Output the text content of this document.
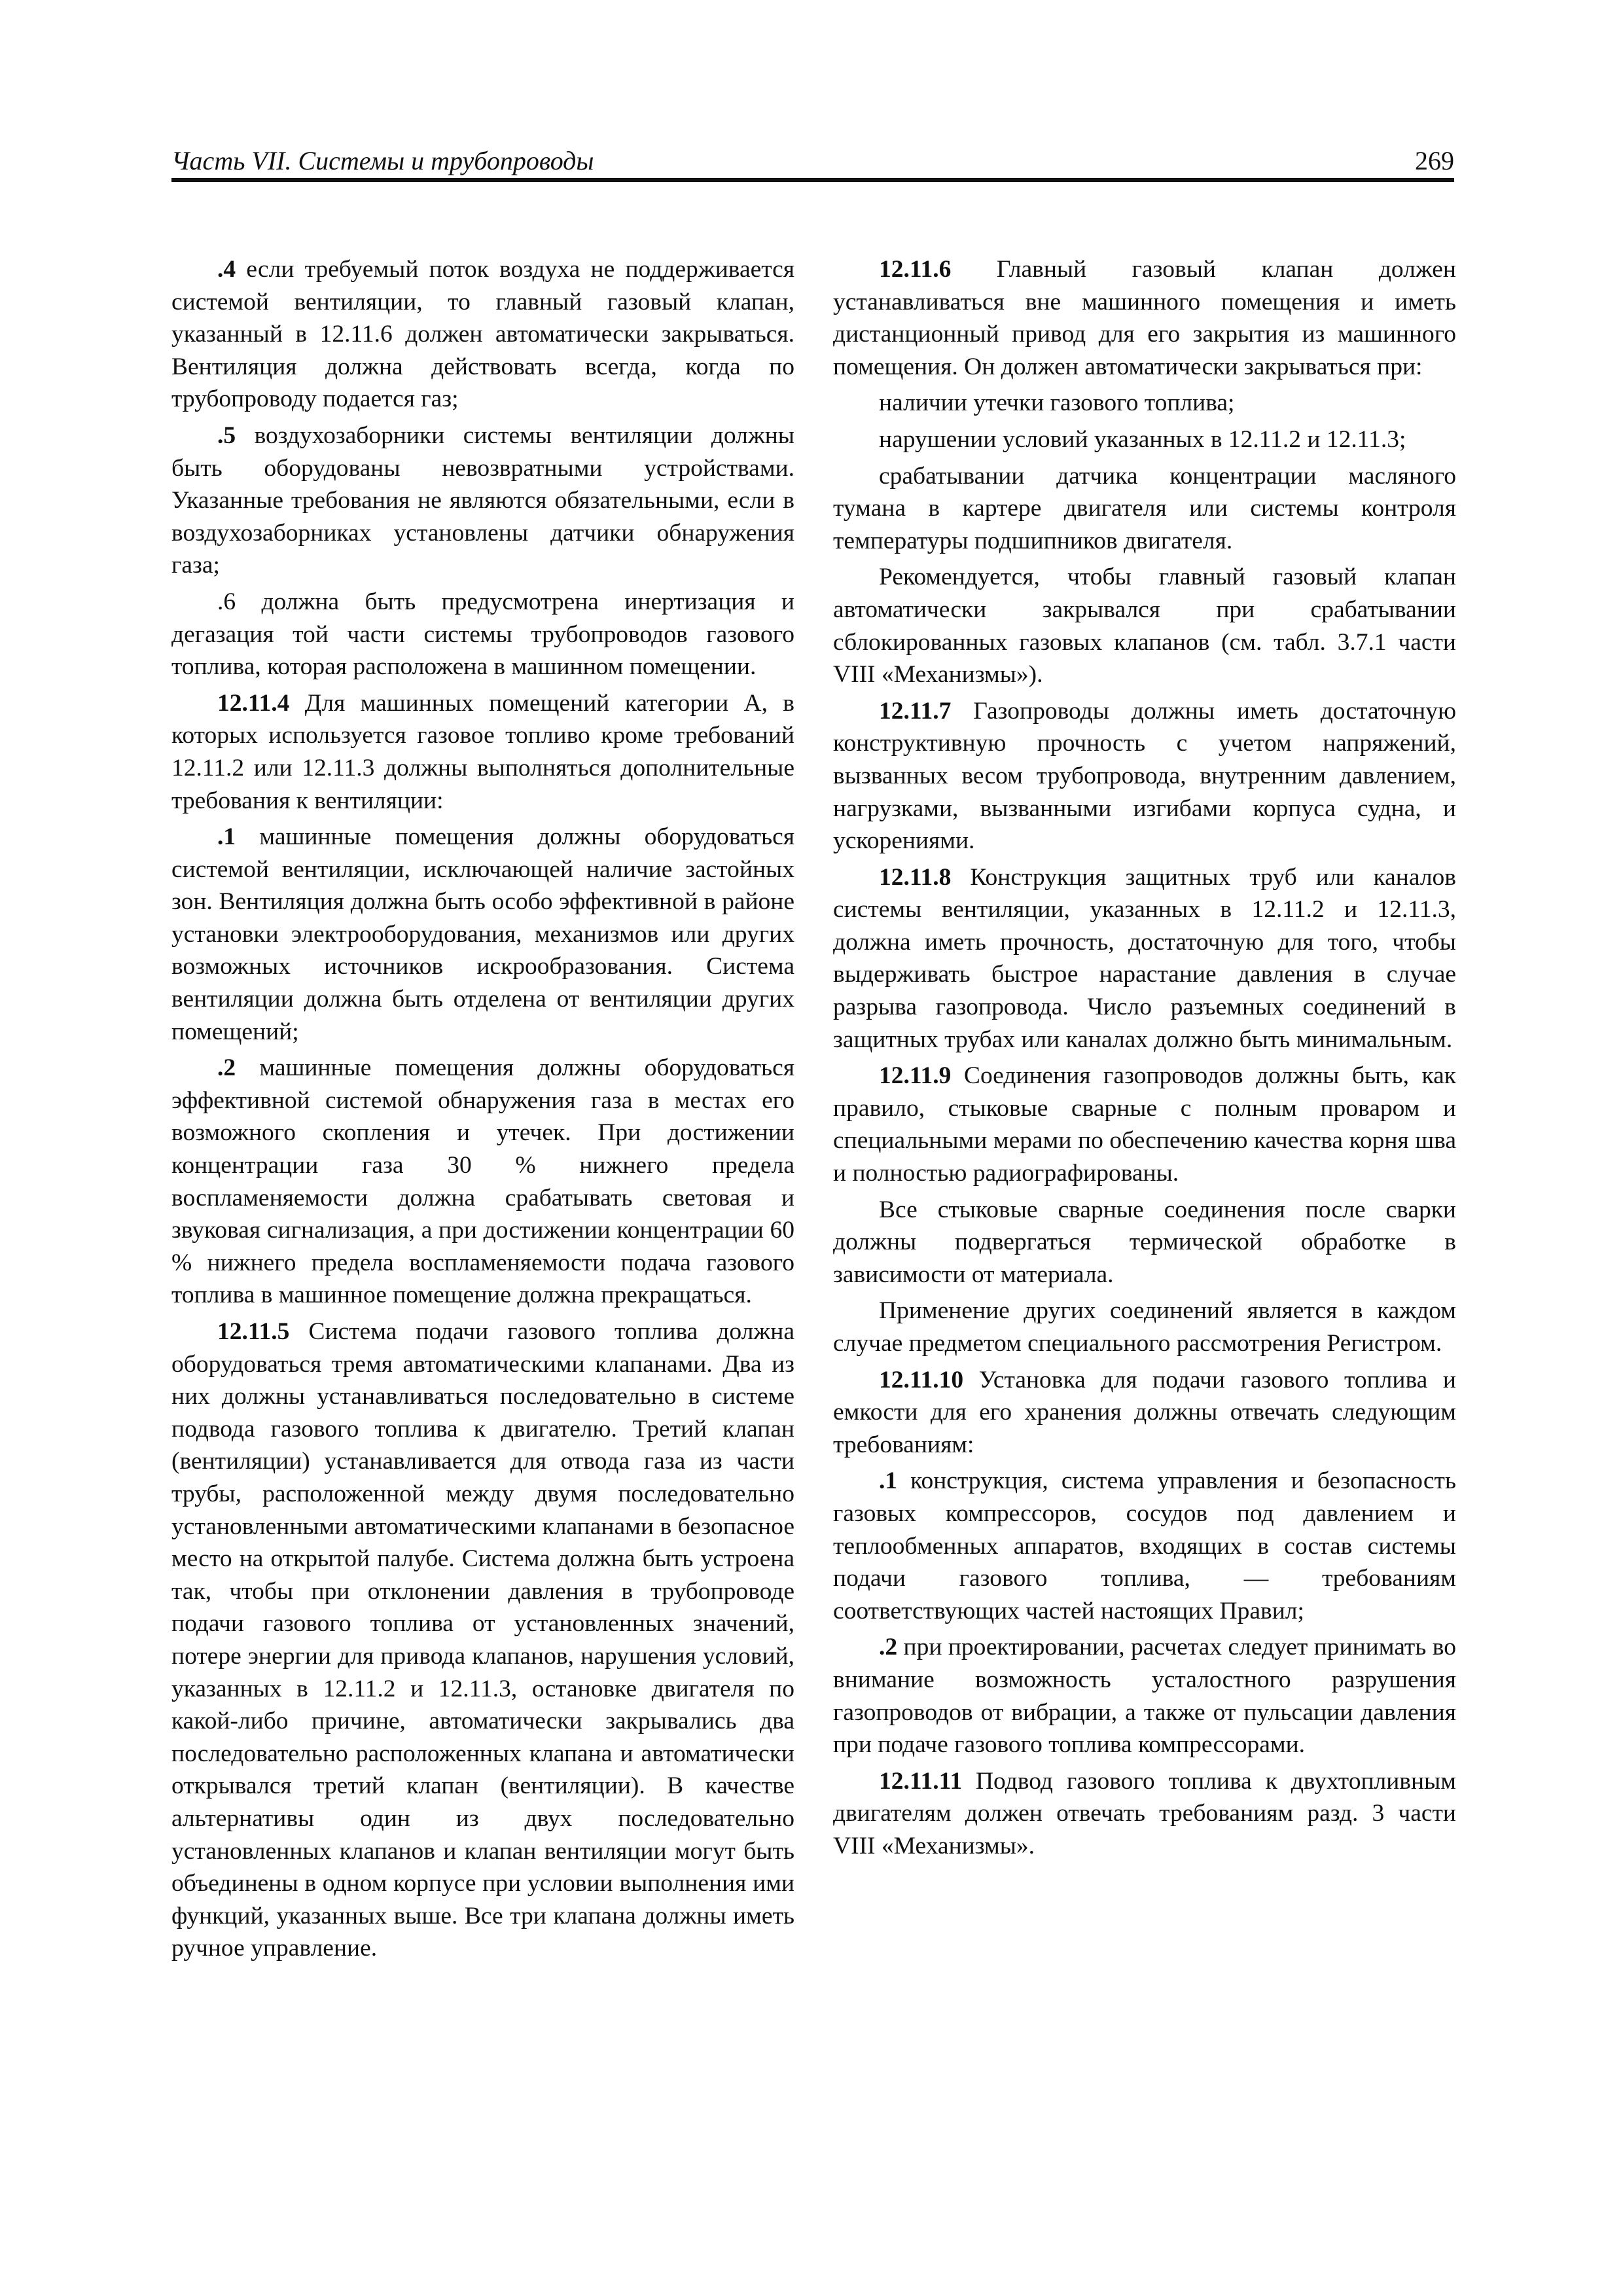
Часть VII. Системы и трубопроводы	269

.4 если требуемый поток воздуха не поддерживается системой вентиляции, то главный газовый клапан, указанный в 12.11.6 должен автоматически закрываться. Вентиляция должна действовать всегда, когда по трубопроводу подается газ;

.5 воздухозаборники системы вентиляции должны быть оборудованы невозвратными устройствами. Указанные требования не являются обязательными, если в воздухозаборниках установлены датчики обнаружения газа;

.6 должна быть предусмотрена инертизация и дегазация той части системы трубопроводов газового топлива, которая расположена в машинном помещении.

12.11.4 Для машинных помещений категории A, в которых используется газовое топливо кроме требований 12.11.2 или 12.11.3 должны выполняться дополнительные требования к вентиляции:

.1 машинные помещения должны оборудоваться системой вентиляции, исключающей наличие застойных зон. Вентиляция должна быть особо эффективной в районе установки электрооборудования, механизмов или других возможных источников искрообразования. Система вентиляции должна быть отделена от вентиляции других помещений;

.2 машинные помещения должны оборудоваться эффективной системой обнаружения газа в местах его возможного скопления и утечек. При достижении концентрации газа 30 % нижнего предела воспламеняемости должна срабатывать световая и звуковая сигнализация, а при достижении концентрации 60 % нижнего предела воспламеняемости подача газового топлива в машинное помещение должна прекращаться.

12.11.5 Система подачи газового топлива должна оборудоваться тремя автоматическими клапанами. Два из них должны устанавливаться последовательно в системе подвода газового топлива к двигателю. Третий клапан (вентиляции) устанавливается для отвода газа из части трубы, расположенной между двумя последовательно установленными автоматическими клапанами в безопасное место на открытой палубе. Система должна быть устроена так, чтобы при отклонении давления в трубопроводе подачи газового топлива от установленных значений, потере энергии для привода клапанов, нарушения условий, указанных в 12.11.2 и 12.11.3, остановке двигателя по какой-либо причине, автоматически закрывались два последовательно расположенных клапана и автоматически открывался третий клапан (вентиляции). В качестве альтернативы один из двух последовательно установленных клапанов и клапан вентиляции могут быть объединены в одном корпусе при условии выполнения ими функций, указанных выше. Все три клапана должны иметь ручное управление.

12.11.6 Главный газовый клапан должен устанавливаться вне машинного помещения и иметь дистанционный привод для его закрытия из машинного помещения. Он должен автоматически закрываться при:

наличии утечки газового топлива;

нарушении условий указанных в 12.11.2 и 12.11.3;

срабатывании датчика концентрации масляного тумана в картере двигателя или системы контроля температуры подшипников двигателя.

Рекомендуется, чтобы главный газовый клапан автоматически закрывался при срабатывании сблокированных газовых клапанов (см. табл. 3.7.1 части VIII «Механизмы»).

12.11.7 Газопроводы должны иметь достаточную конструктивную прочность с учетом напряжений, вызванных весом трубопровода, внутренним давлением, нагрузками, вызванными изгибами корпуса судна, и ускорениями.

12.11.8 Конструкция защитных труб или каналов системы вентиляции, указанных в 12.11.2 и 12.11.3, должна иметь прочность, достаточную для того, чтобы выдерживать быстрое нарастание давления в случае разрыва газопровода. Число разъемных соединений в защитных трубах или каналах должно быть минимальным.

12.11.9 Соединения газопроводов должны быть, как правило, стыковые сварные с полным проваром и специальными мерами по обеспечению качества корня шва и полностью радиографированы.

Все стыковые сварные соединения после сварки должны подвергаться термической обработке в зависимости от материала.

Применение других соединений является в каждом случае предметом специального рассмотрения Регистром.

12.11.10 Установка для подачи газового топлива и емкости для его хранения должны отвечать следующим требованиям:

.1 конструкция, система управления и безопасность газовых компрессоров, сосудов под давлением и теплообменных аппаратов, входящих в состав системы подачи газового топлива, — требованиям соответствующих частей настоящих Правил;

.2 при проектировании, расчетах следует принимать во внимание возможность усталостного разрушения газопроводов от вибрации, а также от пульсации давления при подаче газового топлива компрессорами.

12.11.11 Подвод газового топлива к двухтопливным двигателям должен отвечать требованиям разд. 3 части VIII «Механизмы».
